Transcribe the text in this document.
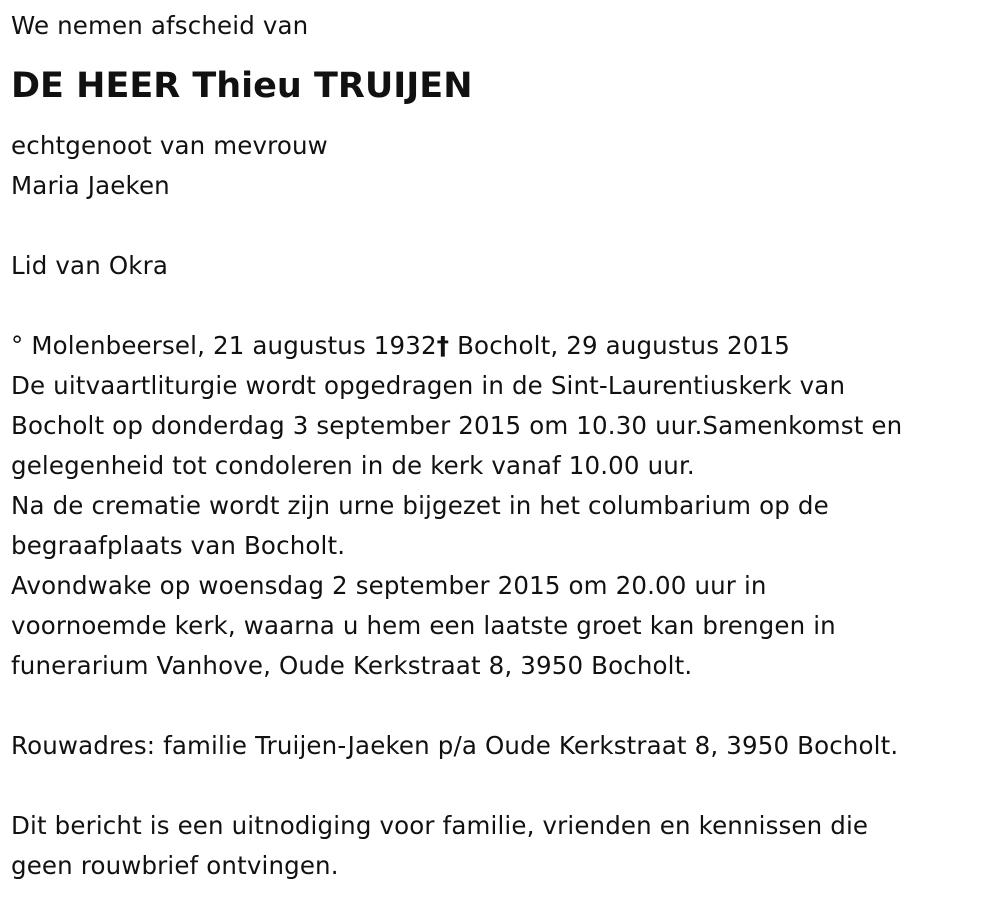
We nemen afscheid van
DE HEER Thieu TRUIJEN
echtgenoot van mevrouw
Maria Jaeken
Lid van Okra
° Molenbeersel, 21 augustus 1932† Bocholt, 29 augustus 2015
De uitvaartliturgie wordt opgedragen in de Sint-Laurentiuskerk van
Bocholt op donderdag 3 september 2015 om 10.30 uur.Samenkomst en
gelegenheid tot condoleren in de kerk vanaf 10.00 uur.
Na de crematie wordt zijn urne bijgezet in het columbarium op de
begraafplaats van Bocholt.
Avondwake op woensdag 2 september 2015 om 20.00 uur in
voornoemde kerk, waarna u hem een laatste groet kan brengen in
funerarium Vanhove, Oude Kerkstraat 8, 3950 Bocholt.
Rouwadres: familie Truijen-Jaeken p/a Oude Kerkstraat 8, 3950 Bocholt.
Dit bericht is een uitnodiging voor familie, vrienden en kennissen die
geen rouwbrief ontvingen.
